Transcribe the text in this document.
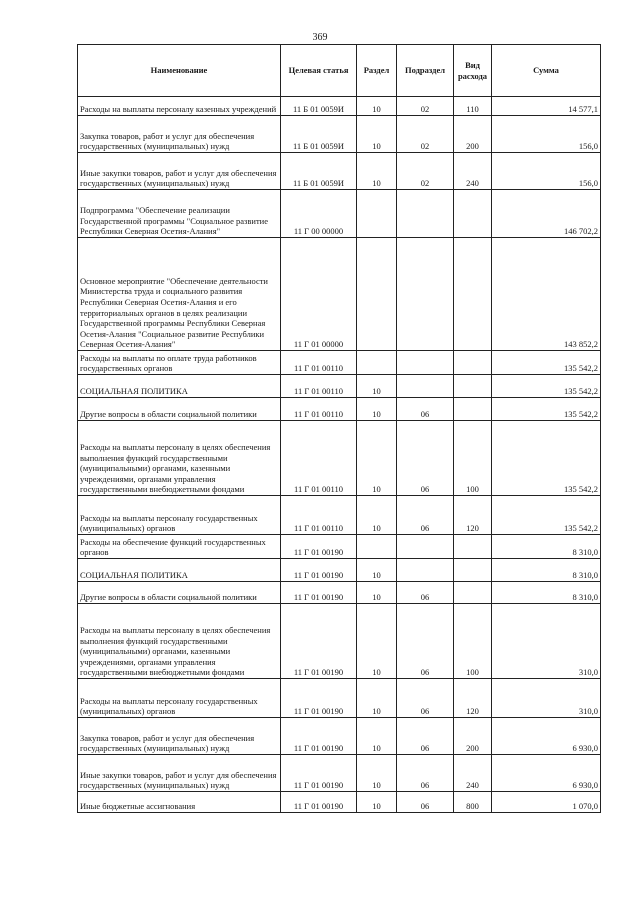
369
Наименование	Целевая статья	Раздел	Подраздел	Вид расхода	Сумма
Расходы на выплаты персоналу казенных учреждений	11 Б 01 0059И	10	02	110	14 577,1
Закупка товаров, работ и услуг для обеспечения государственных (муниципальных) нужд	11 Б 01 0059И	10	02	200	156,0
Иные закупки товаров, работ и услуг для обеспечения государственных (муниципальных) нужд	11 Б 01 0059И	10	02	240	156,0
Подпрограмма "Обеспечение реализации Государственной программы "Социальное развитие Республики Северная Осетия-Алания"	11 Г 00 00000				146 702,2
Основное мероприятие "Обеспечение деятельности Министерства труда и социального развития Республики Северная Осетия-Алания и его территориальных органов в целях реализации Государственной программы Республики Северная Осетия-Алания "Социальное развитие Республики Северная Осетия-Алания"	11 Г 01 00000				143 852,2
Расходы на выплаты по оплате труда работников государственных органов	11 Г 01 00110				135 542,2
СОЦИАЛЬНАЯ ПОЛИТИКА	11 Г 01 00110	10			135 542,2
Другие вопросы в области социальной политики	11 Г 01 00110	10	06		135 542,2
Расходы на выплаты персоналу в целях обеспечения выполнения функций государственными (муниципальными) органами, казенными учреждениями, органами управления государственными внебюджетными фондами	11 Г 01 00110	10	06	100	135 542,2
Расходы на выплаты персоналу государственных (муниципальных) органов	11 Г 01 00110	10	06	120	135 542,2
Расходы на обеспечение функций государственных органов	11 Г 01 00190				8 310,0
СОЦИАЛЬНАЯ ПОЛИТИКА	11 Г 01 00190	10			8 310,0
Другие вопросы в области социальной политики	11 Г 01 00190	10	06		8 310,0
Расходы на выплаты персоналу в целях обеспечения выполнения функций государственными (муниципальными) органами, казенными учреждениями, органами управления государственными внебюджетными фондами	11 Г 01 00190	10	06	100	310,0
Расходы на выплаты персоналу государственных (муниципальных) органов	11 Г 01 00190	10	06	120	310,0
Закупка товаров, работ и услуг для обеспечения государственных (муниципальных) нужд	11 Г 01 00190	10	06	200	6 930,0
Иные закупки товаров, работ и услуг для обеспечения государственных (муниципальных) нужд	11 Г 01 00190	10	06	240	6 930,0
Иные бюджетные ассигнования	11 Г 01 00190	10	06	800	1 070,0
